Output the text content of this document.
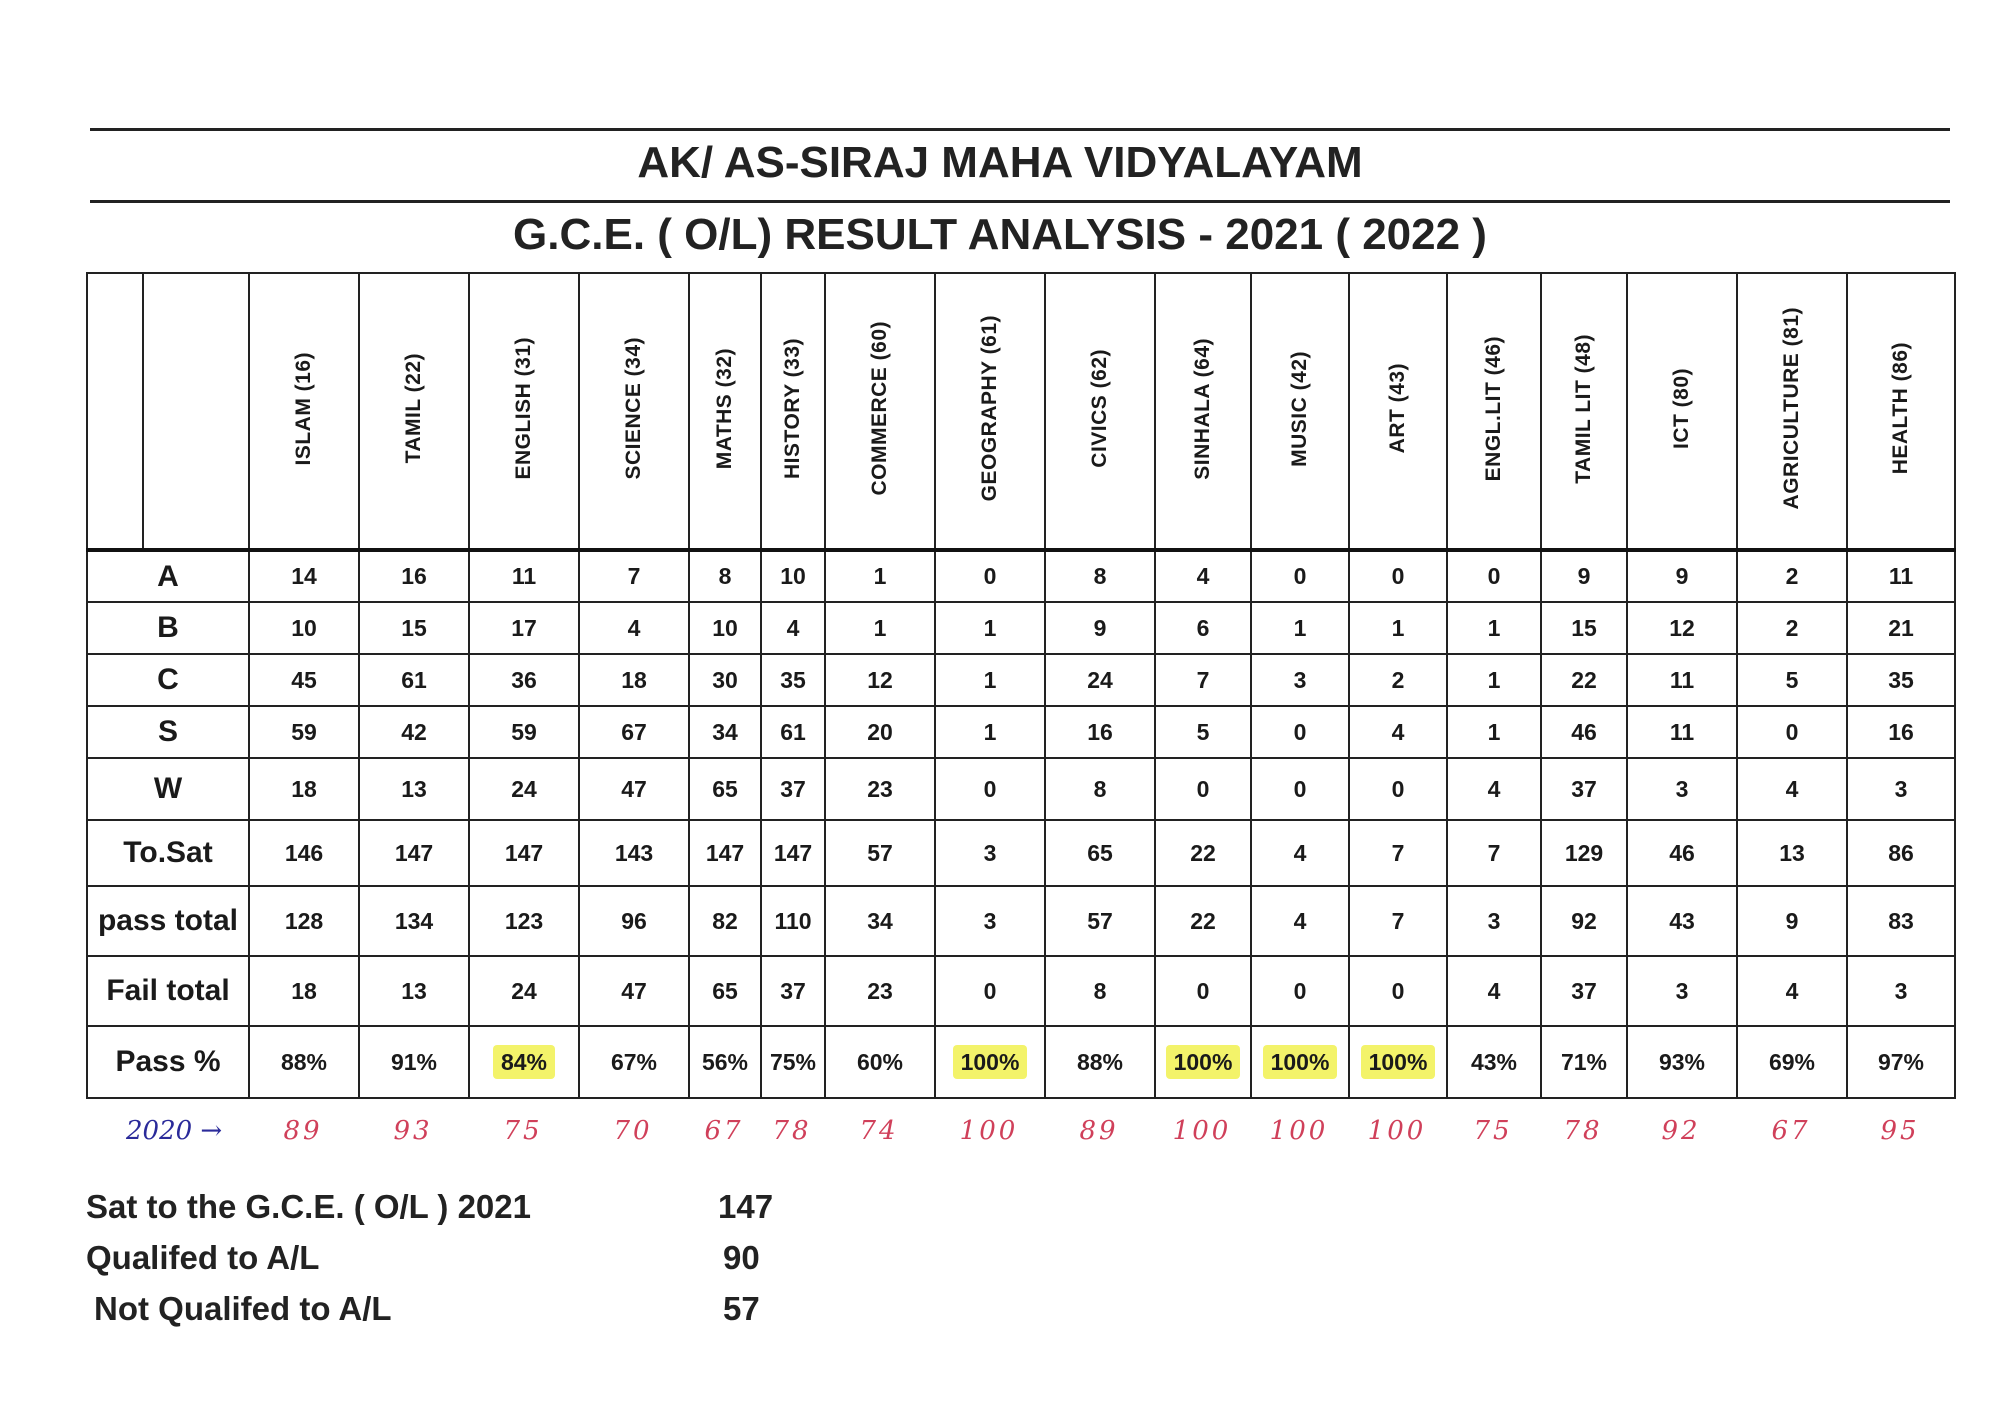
AK/ AS-SIRAJ MAHA VIDYALAYAM
G.C.E. ( O/L) RESULT ANALYSIS - 2021 ( 2022 )
		ISLAM (16)	TAMIL (22)	ENGLISH (31)	SCIENCE (34)	MATHS (32)	HISTORY (33)	COMMERCE (60)	GEOGRAPHY (61)	CIVICS (62)	SINHALA (64)	MUSIC (42)	ART (43)	ENGL.LIT (46)	TAMIL LIT (48)	ICT (80)	AGRICULTURE (81)	HEALTH (86)
A		14	16	11	7	8	10	1	0	8	4	0	0	0	9	9	2	11
B		10	15	17	4	10	4	1	1	9	6	1	1	1	15	12	2	21
C		45	61	36	18	30	35	12	1	24	7	3	2	1	22	11	5	35
S		59	42	59	67	34	61	20	1	16	5	0	4	1	46	11	0	16
W		18	13	24	47	65	37	23	0	8	0	0	0	4	37	3	4	3
To.Sat		146	147	147	143	147	147	57	3	65	22	4	7	7	129	46	13	86
pass total		128	134	123	96	82	110	34	3	57	22	4	7	3	92	43	9	83
Fail total		18	13	24	47	65	37	23	0	8	0	0	0	4	37	3	4	3
Pass %		88%	91%	84%	67%	56%	75%	60%	100%	88%	100%	100%	100%	43%	71%	93%	69%	97%
2020 →	89	93	75	70	67	78	74	100	89	100	100	100	75	78	92	67	95
Sat to the G.C.E. ( O/L ) 2021	147
Qualifed to A/L	90
Not Qualifed to A/L	57
